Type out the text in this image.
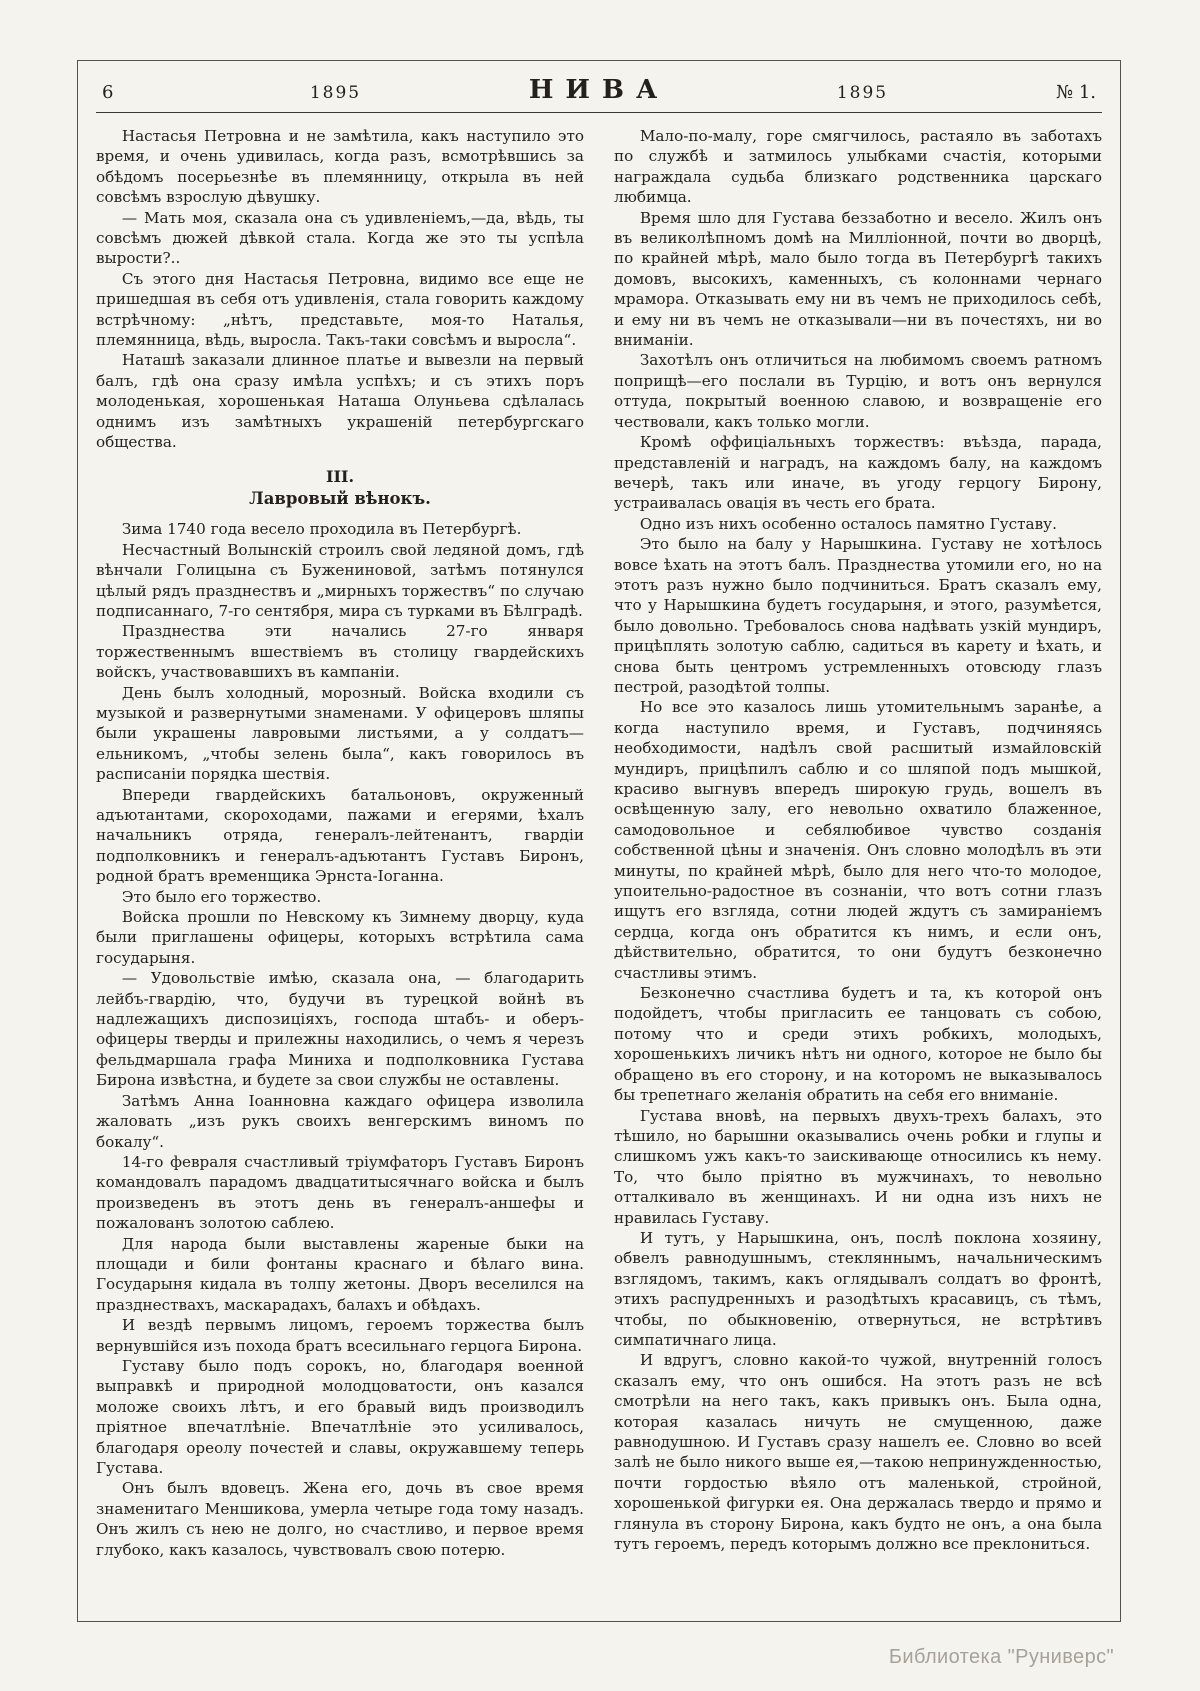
6	1895	НИВА	1895	№ 1.

Настасья Петровна и не замѣтила, какъ наступило это время, и очень удивилась, когда разъ, всмотрѣвшись за обѣдомъ посерьезнѣе въ племянницу, открыла въ ней совсѣмъ взрослую дѣвушку.

— Мать моя, сказала она съ удивленіемъ,—да, вѣдь, ты совсѣмъ дюжей дѣвкой стала. Когда же это ты успѣла вырости?..

Съ этого дня Настасья Петровна, видимо все еще не пришедшая въ себя отъ удивленія, стала говорить каждому встрѣчному: „нѣтъ, представьте, моя-то Наталья, племянница, вѣдь, выросла. Такъ-таки совсѣмъ и выросла“.

Наташѣ заказали длинное платье и вывезли на первый балъ, гдѣ она сразу имѣла успѣхъ; и съ этихъ поръ молоденькая, хорошенькая Наташа Олуньева сдѣлалась однимъ изъ замѣтныхъ украшеній петербургскаго общества.

III.

Лавровый вѣнокъ.

Зима 1740 года весело проходила въ Петербургѣ.

Несчастный Волынскій строилъ свой ледяной домъ, гдѣ вѣнчали Голицына съ Бужениновой, затѣмъ потянулся цѣлый рядъ празднествъ и „мирныхъ торжествъ“ по случаю подписаннаго, 7-го сентября, мира съ турками въ Бѣлградѣ.

Празднества эти начались 27-го января торжественнымъ вшествіемъ въ столицу гвардейскихъ войскъ, участвовавшихъ въ кампаніи.

День былъ холодный, морозный. Войска входили съ музыкой и развернутыми знаменами. У офицеровъ шляпы были украшены лавровыми листьями, а у солдатъ—ельникомъ, „чтобы зелень была“, какъ говорилось въ расписаніи порядка шествія.

Впереди гвардейскихъ батальоновъ, окруженный адъютантами, скороходами, пажами и егерями, ѣхалъ начальникъ отряда, генералъ-лейтенантъ, гвардіи подполковникъ и генералъ-адъютантъ Густавъ Биронъ, родной братъ временщика Эрнста-Іоганна.

Это было его торжество.

Войска прошли по Невскому къ Зимнему дворцу, куда были приглашены офицеры, которыхъ встрѣтила сама государыня.

— Удовольствіе имѣю, сказала она, — благодарить лейбъ-гвардію, что, будучи въ турецкой войнѣ въ надлежащихъ диспозиціяхъ, господа штабъ- и оберъ-офицеры тверды и прилежны находились, о чемъ я черезъ фельдмаршала графа Миниха и подполковника Густава Бирона извѣстна, и будете за свои службы не оставлены.

Затѣмъ Анна Іоанновна каждаго офицера изволила жаловать „изъ рукъ своихъ венгерскимъ виномъ по бокалу“.

14-го февраля счастливый тріумфаторъ Густавъ Биронъ командовалъ парадомъ двадцатитысячнаго войска и былъ произведенъ въ этотъ день въ генералъ-аншефы и пожалованъ золотою саблею.

Для народа были выставлены жареные быки на площади и били фонтаны краснаго и бѣлаго вина. Государыня кидала въ толпу жетоны. Дворъ веселился на празднествахъ, маскарадахъ, балахъ и обѣдахъ.

И вездѣ первымъ лицомъ, героемъ торжества былъ вернувшійся изъ похода братъ всесильнаго герцога Бирона.

Густаву было подъ сорокъ, но, благодаря военной выправкѣ и природной молодцоватости, онъ казался моложе своихъ лѣтъ, и его бравый видъ производилъ пріятное впечатлѣніе. Впечатлѣніе это усиливалось, благодаря ореолу почестей и славы, окружавшему теперь Густава.

Онъ былъ вдовецъ. Жена его, дочь въ свое время знаменитаго Меншикова, умерла четыре года тому назадъ. Онъ жилъ съ нею не долго, но счастливо, и первое время глубоко, какъ казалось, чувствовалъ свою потерю.

Мало-по-малу, горе смягчилось, растаяло въ заботахъ по службѣ и затмилось улыбками счастія, которыми награждала судьба близкаго родственника царскаго любимца.

Время шло для Густава беззаботно и весело. Жилъ онъ въ великолѣпномъ домѣ на Милліонной, почти во дворцѣ, по крайней мѣрѣ, мало было тогда въ Петербургѣ такихъ домовъ, высокихъ, каменныхъ, съ колоннами чернаго мрамора. Отказывать ему ни въ чемъ не приходилось себѣ, и ему ни въ чемъ не отказывали—ни въ почестяхъ, ни во вниманіи.

Захотѣлъ онъ отличиться на любимомъ своемъ ратномъ поприщѣ—его послали въ Турцію, и вотъ онъ вернулся оттуда, покрытый военною славою, и возвращеніе его чествовали, какъ только могли.

Кромѣ оффиціальныхъ торжествъ: въѣзда, парада, представленій и наградъ, на каждомъ балу, на каждомъ вечерѣ, такъ или иначе, въ угоду герцогу Бирону, устраивалась овація въ честь его брата.

Одно изъ нихъ особенно осталось памятно Густаву.

Это было на балу у Нарышкина. Густаву не хотѣлось вовсе ѣхать на этотъ балъ. Празднества утомили его, но на этотъ разъ нужно было подчиниться. Братъ сказалъ ему, что у Нарышкина будетъ государыня, и этого, разумѣется, было довольно. Требовалось снова надѣвать узкій мундиръ, прицѣплять золотую саблю, садиться въ карету и ѣхать, и снова быть центромъ устремленныхъ отовсюду глазъ пестрой, разодѣтой толпы.

Но все это казалось лишь утомительнымъ заранѣе, а когда наступило время, и Густавъ, подчиняясь необходимости, надѣлъ свой расшитый измайловскій мундиръ, прицѣпилъ саблю и со шляпой подъ мышкой, красиво выгнувъ впередъ широкую грудь, вошелъ въ освѣщенную залу, его невольно охватило блаженное, самодовольное и себялюбивое чувство созданія собственной цѣны и значенія. Онъ словно молодѣлъ въ эти минуты, по крайней мѣрѣ, было для него что-то молодое, упоительно-радостное въ сознаніи, что вотъ сотни глазъ ищутъ его взгляда, сотни людей ждутъ съ замираніемъ сердца, когда онъ обратится къ нимъ, и если онъ, дѣйствительно, обратится, то они будутъ безконечно счастливы этимъ.

Безконечно счастлива будетъ и та, къ которой онъ подойдетъ, чтобы пригласить ее танцовать съ собою, потому что и среди этихъ робкихъ, молодыхъ, хорошенькихъ личикъ нѣтъ ни одного, которое не было бы обращено въ его сторону, и на которомъ не выказывалось бы трепетнаго желанія обратить на себя его вниманіе.

Густава вновѣ, на первыхъ двухъ-трехъ балахъ, это тѣшило, но барышни оказывались очень робки и глупы и слишкомъ ужъ какъ-то заискивающе относились къ нему. То, что было пріятно въ мужчинахъ, то невольно отталкивало въ женщинахъ. И ни одна изъ нихъ не нравилась Густаву.

И тутъ, у Нарышкина, онъ, послѣ поклона хозяину, обвелъ равнодушнымъ, стекляннымъ, начальническимъ взглядомъ, такимъ, какъ оглядывалъ солдатъ во фронтѣ, этихъ распудренныхъ и разодѣтыхъ красавицъ, съ тѣмъ, чтобы, по обыкновенію, отвернуться, не встрѣтивъ симпатичнаго лица.

И вдругъ, словно какой-то чужой, внутренній голосъ сказалъ ему, что онъ ошибся. На этотъ разъ не всѣ смотрѣли на него такъ, какъ привыкъ онъ. Была одна, которая казалась ничуть не смущенною, даже равнодушною. И Густавъ сразу нашелъ ее. Словно во всей залѣ не было никого выше ея,—такою непринужденностью, почти гордостью вѣяло отъ маленькой, стройной, хорошенькой фигурки ея. Она держалась твердо и прямо и глянула въ сторону Бирона, какъ будто не онъ, а она была тутъ героемъ, передъ которымъ должно все преклониться.

Библиотека "Руниверс"
